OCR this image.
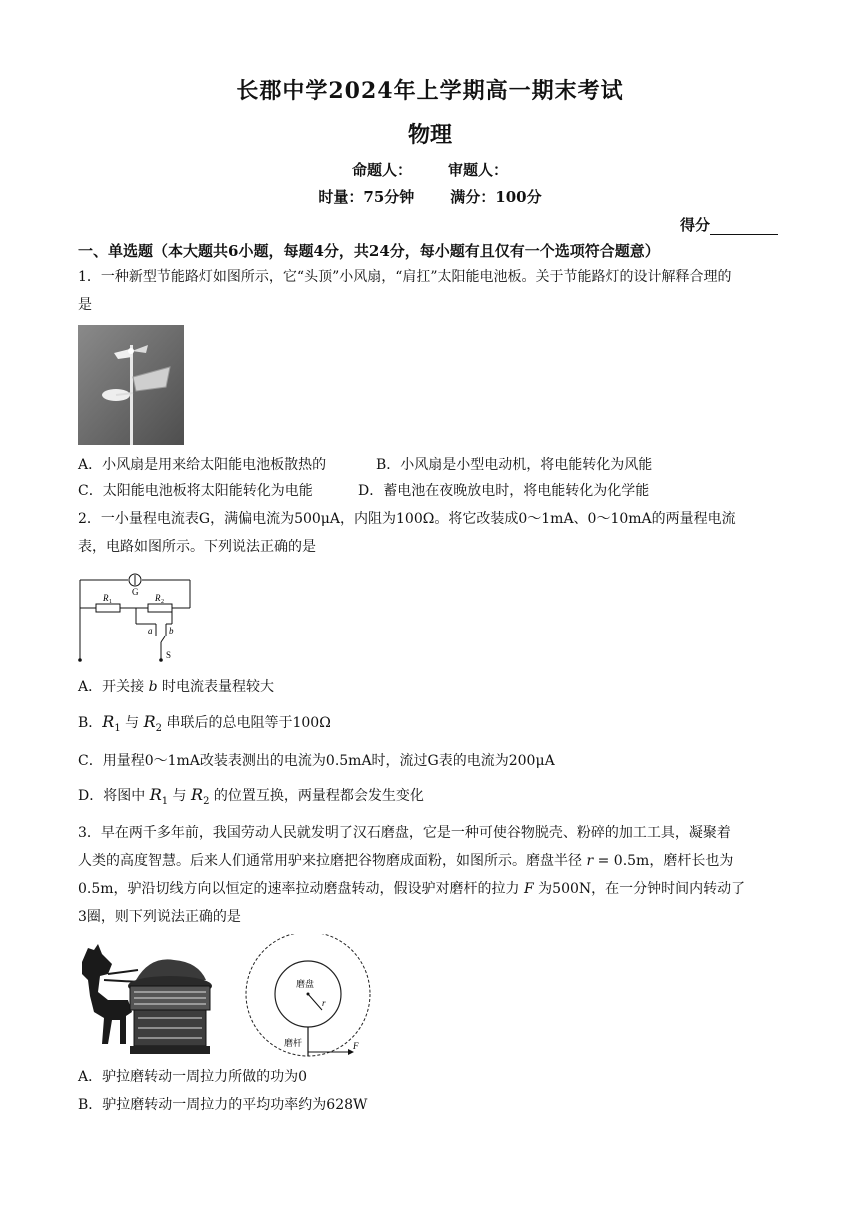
长郡中学2024年上学期高一期末考试
物理
命题人： 审题人：
时量：75分钟 满分：100分
得分
一、单选题（本大题共6小题，每题4分，共24分，每小题有且仅有一个选项符合题意）
1．一种新型节能路灯如图所示，它“头顶”小风扇，“肩扛”太阳能电池板。关于节能路灯的设计解释合理的
是
A．小风扇是用来给太阳能电池板散热的	B．小风扇是小型电动机，将电能转化为风能
C．太阳能电池板将太阳能转化为电能	D．蓄电池在夜晚放电时，将电能转化为化学能
2．一小量程电流表G，满偏电流为500μA，内阻为100Ω。将它改装成0～1mA、0～10mA的两量程电流
表，电路如图所示。下列说法正确的是
G
R 1	R 2
a b
S
A．开关接 b 时电流表量程较大
B．$R_1$ 与 $R_2$ 串联后的总电阻等于100Ω
C．用量程0～1mA改装表测出的电流为0.5mA时，流过G表的电流为200μA
D．将图中 $R_1$ 与 $R_2$ 的位置互换，两量程都会发生变化
3．早在两千多年前，我国劳动人民就发明了汉石磨盘，它是一种可使谷物脱壳、粉碎的加工工具，凝聚着
人类的高度智慧。后来人们通常用驴来拉磨把谷物磨成面粉，如图所示。磨盘半径 r = 0.5m，磨杆长也为
0.5m，驴沿切线方向以恒定的速率拉动磨盘转动，假设驴对磨杆的拉力 F 为500N，在一分钟时间内转动了
3圈，则下列说法正确的是
磨盘
r
磨杆	F
A．驴拉磨转动一周拉力所做的功为0
B．驴拉磨转动一周拉力的平均功率约为628W
